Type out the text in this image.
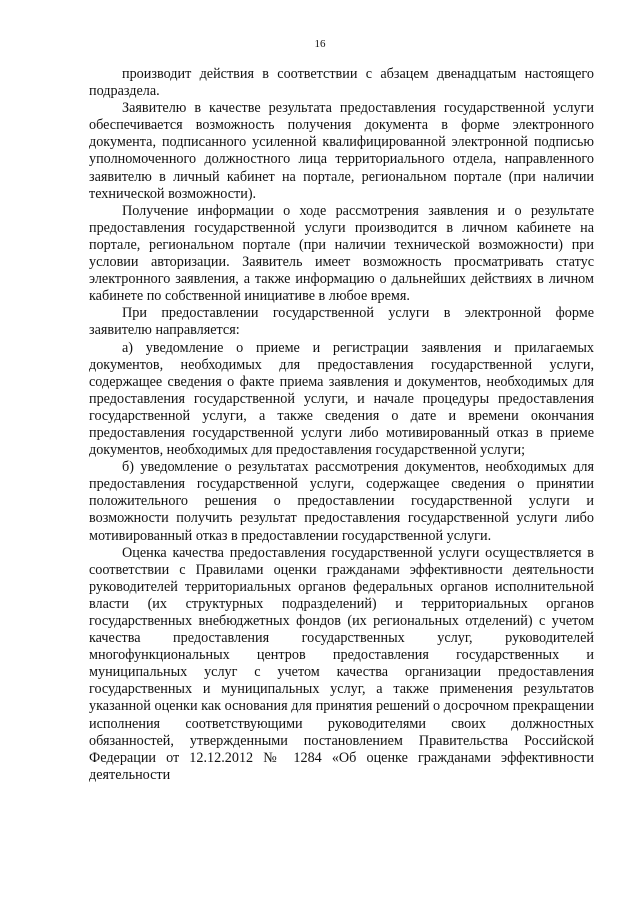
16

производит действия в соответствии с абзацем двенадцатым настоящего подраздела.

Заявителю в качестве результата предоставления государственной услуги обеспечивается возможность получения документа в форме электронного документа, подписанного усиленной квалифицированной электронной подписью уполномоченного должностного лица территориального отдела, направленного заявителю в личный кабинет на портале, региональном портале (при наличии технической возможности).

Получение информации о ходе рассмотрения заявления и о результате предоставления государственной услуги производится в личном кабинете на портале, региональном портале (при наличии технической возможности) при условии авторизации. Заявитель имеет возможность просматривать статус электронного заявления, а также информацию о дальнейших действиях в личном кабинете по собственной инициативе в любое время.

При предоставлении государственной услуги в электронной форме заявителю направляется:

а) уведомление о приеме и регистрации заявления и прилагаемых документов, необходимых для предоставления государственной услуги, содержащее сведения о факте приема заявления и документов, необходимых для предоставления государственной услуги, и начале процедуры предоставления государственной услуги, а также сведения о дате и времени окончания предоставления государственной услуги либо мотивированный отказ в приеме документов, необходимых для предоставления государственной услуги;

б) уведомление о результатах рассмотрения документов, необходимых для предоставления государственной услуги, содержащее сведения о принятии положительного решения о предоставлении государственной услуги и возможности получить результат предоставления государственной услуги либо мотивированный отказ в предоставлении государственной услуги.

Оценка качества предоставления государственной услуги осуществляется в соответствии с Правилами оценки гражданами эффективности деятельности руководителей территориальных органов федеральных органов исполнительной власти (их структурных подразделений) и территориальных органов государственных внебюджетных фондов (их региональных отделений) с учетом качества предоставления государственных услуг, руководителей многофункциональных центров предоставления государственных и муниципальных услуг с учетом качества организации предоставления государственных и муниципальных услуг, а также применения результатов указанной оценки как основания для принятия решений о досрочном прекращении исполнения соответствующими руководителями своих должностных обязанностей, утвержденными постановлением Правительства Российской Федерации от 12.12.2012 № 1284 «Об оценке гражданами эффективности деятельности
